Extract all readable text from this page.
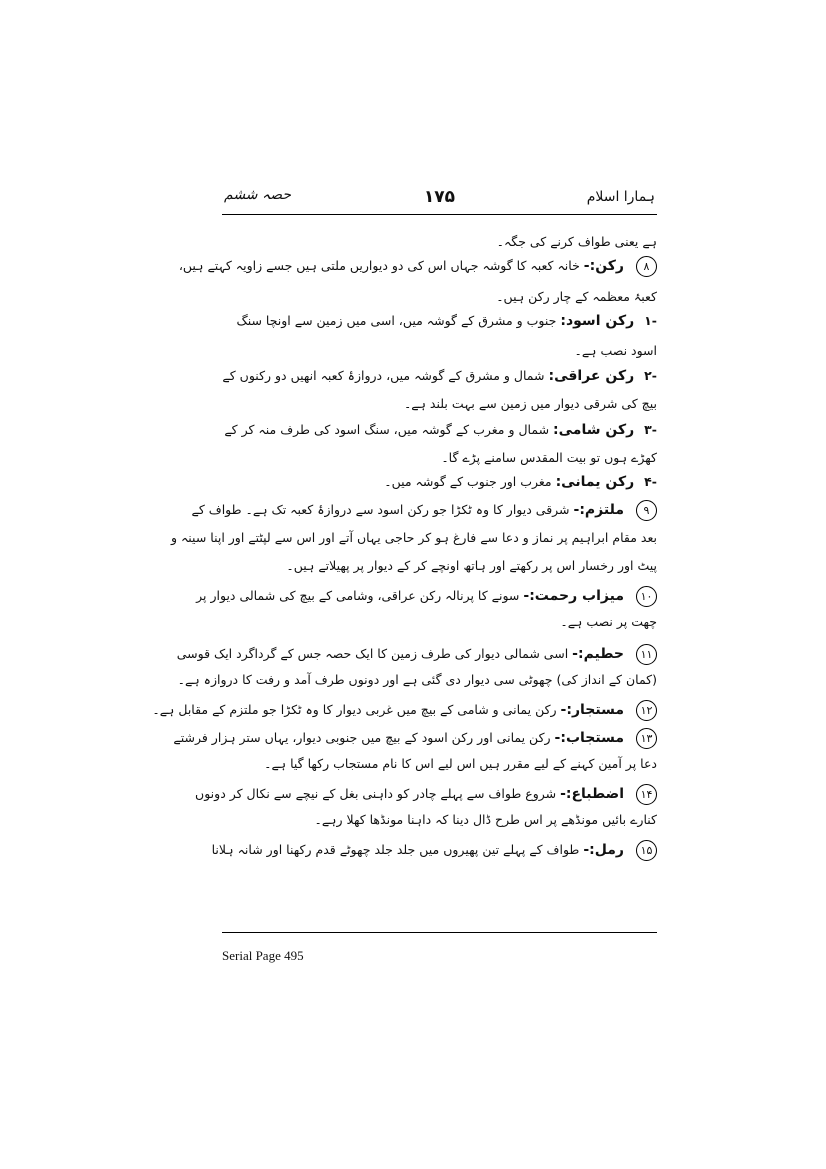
ہمارا اسلام
۱۷۵
حصہ ششم
ہے یعنی طواف کرنے کی جگہ۔
۸رکن:- خانہ کعبہ کا گوشہ جہاں اس کی دو دیواریں ملتی ہیں جسے زاویہ کہتے ہیں،
کعبۂ معظمہ کے چار رکن ہیں۔
۱-رکن اسود: جنوب و مشرق کے گوشہ میں، اسی میں زمین سے اونچا سنگ
اسود نصب ہے۔
۲-رکن عراقی: شمال و مشرق کے گوشہ میں، دروازۂ کعبہ انھیں دو رکنوں کے
بیچ کی شرقی دیوار میں زمین سے بہت بلند ہے۔
۳-رکن شامی: شمال و مغرب کے گوشہ میں، سنگ اسود کی طرف منہ کر کے
کھڑے ہوں تو بیت المقدس سامنے پڑے گا۔
۴-رکن یمانی: مغرب اور جنوب کے گوشہ میں۔
۹ملتزم:- شرقی دیوار کا وہ ٹکڑا جو رکن اسود سے دروازۂ کعبہ تک ہے۔ طواف کے
بعد مقام ابراہیم پر نماز و دعا سے فارغ ہو کر حاجی یہاں آتے اور اس سے لپٹتے اور اپنا سینہ و
پیٹ اور رخسار اس پر رکھتے اور ہاتھ اونچے کر کے دیوار پر پھیلاتے ہیں۔
۱۰میزاب رحمت:- سونے کا پرنالہ رکن عراقی، وشامی کے بیچ کی شمالی دیوار پر
چھت پر نصب ہے۔
۱۱حطیم:- اسی شمالی دیوار کی طرف زمین کا ایک حصہ جس کے گرداگرد ایک قوسی
(کمان کے انداز کی) چھوٹی سی دیوار دی گئی ہے اور دونوں طرف آمد و رفت کا دروازہ ہے۔
۱۲مستجار:- رکن یمانی و شامی کے بیچ میں غربی دیوار کا وہ ٹکڑا جو ملتزم کے مقابل ہے۔
۱۳مستجاب:- رکن یمانی اور رکن اسود کے بیچ میں جنوبی دیوار، یہاں ستر ہزار فرشتے
دعا پر آمین کہنے کے لیے مقرر ہیں اس لیے اس کا نام مستجاب رکھا گیا ہے۔
۱۴اضطباع:- شروع طواف سے پہلے چادر کو داہنی بغل کے نیچے سے نکال کر دونوں
کنارے بائیں مونڈھے پر اس طرح ڈال دینا کہ داہنا مونڈھا کھلا رہے۔
۱۵رمل:- طواف کے پہلے تین پھیروں میں جلد جلد چھوٹے قدم رکھنا اور شانہ ہلانا
Serial Page 495
